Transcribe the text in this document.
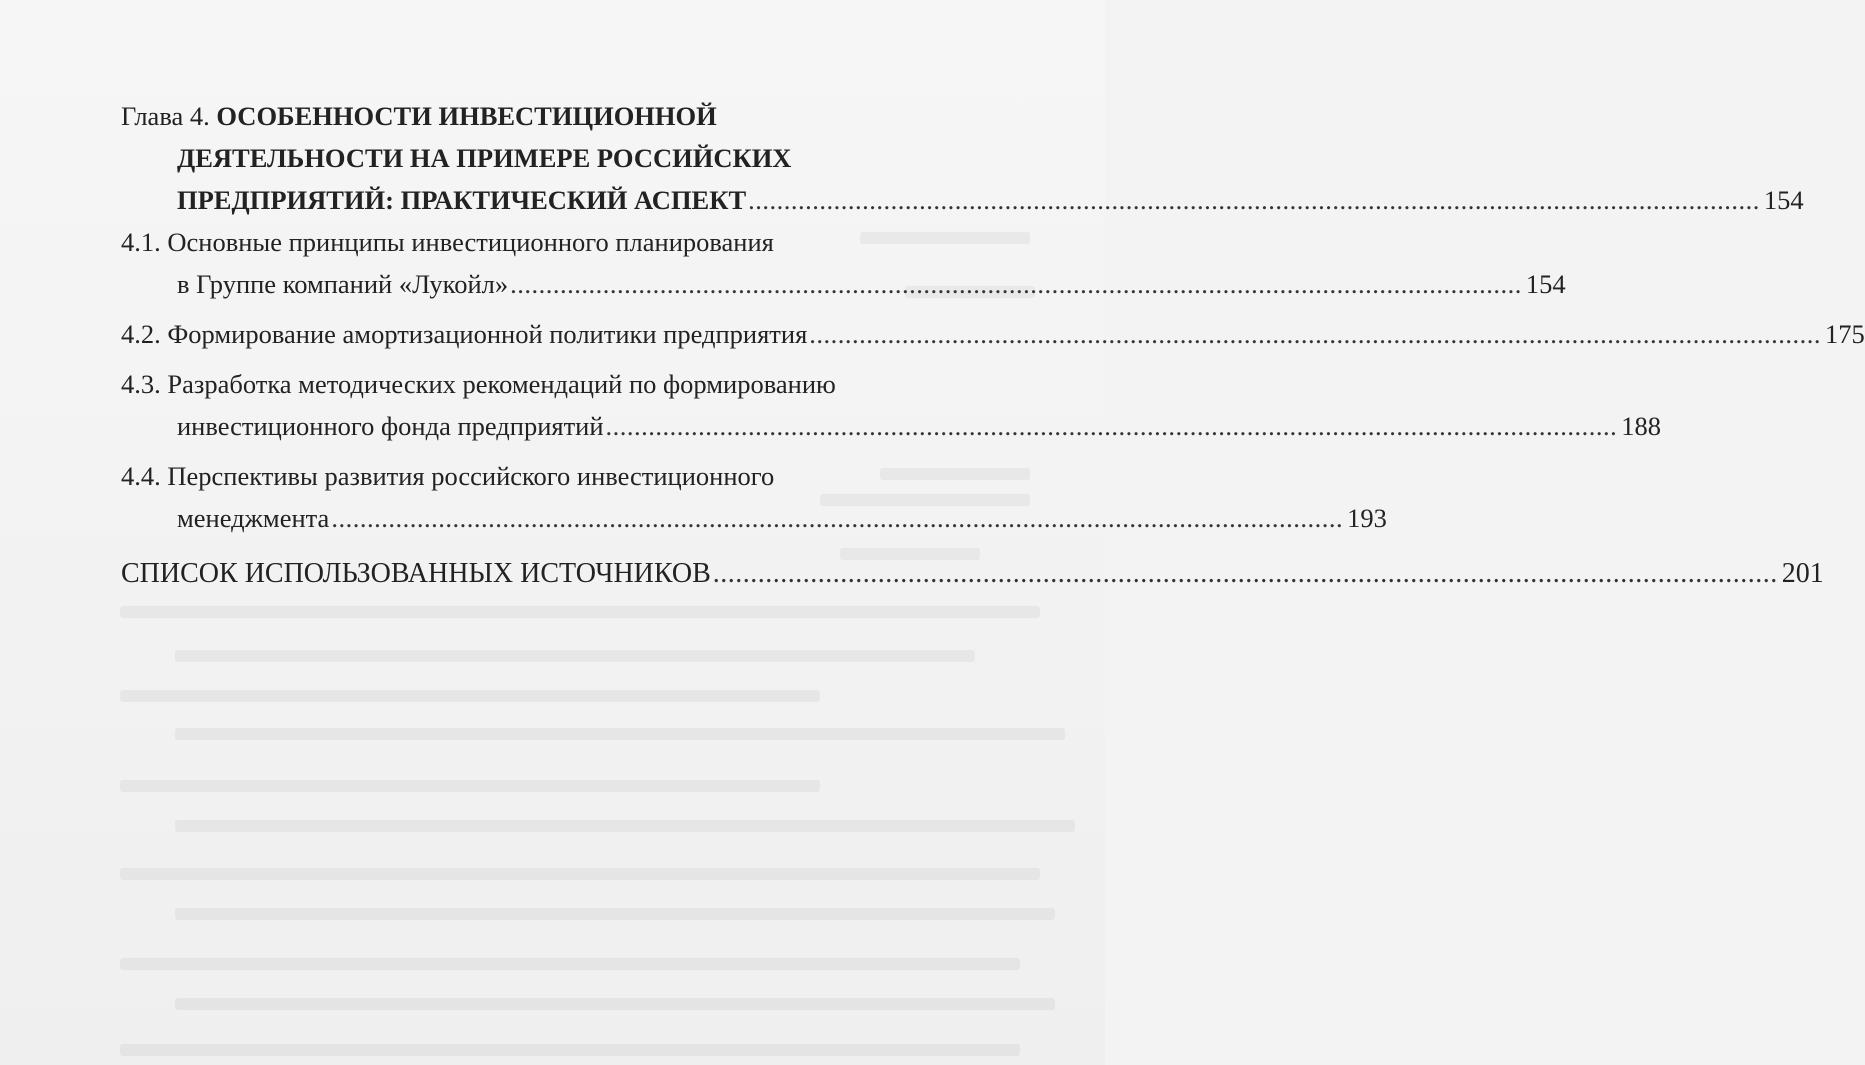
Глава 4. ОСОБЕННОСТИ ИНВЕСТИЦИОННОЙ
ДЕЯТЕЛЬНОСТИ НА ПРИМЕРЕ РОССИЙСКИХ
ПРЕДПРИЯТИЙ: ПРАКТИЧЕСКИЙ АСПЕКТ .............................................................................................................................................. 154
4.1. Основные принципы инвестиционного планирования
в Группе компаний «Лукойл» .............................................................................................................................................. 154
4.2. Формирование амортизационной политики предприятия .............................................................................................................................................. 175
4.3. Разработка методических рекомендаций по формированию
инвестиционного фонда предприятий .............................................................................................................................................. 188
4.4. Перспективы развития российского инвестиционного
менеджмента .............................................................................................................................................. 193
СПИСОК ИСПОЛЬЗОВАННЫХ ИСТОЧНИКОВ .............................................................................................................................................. 201
